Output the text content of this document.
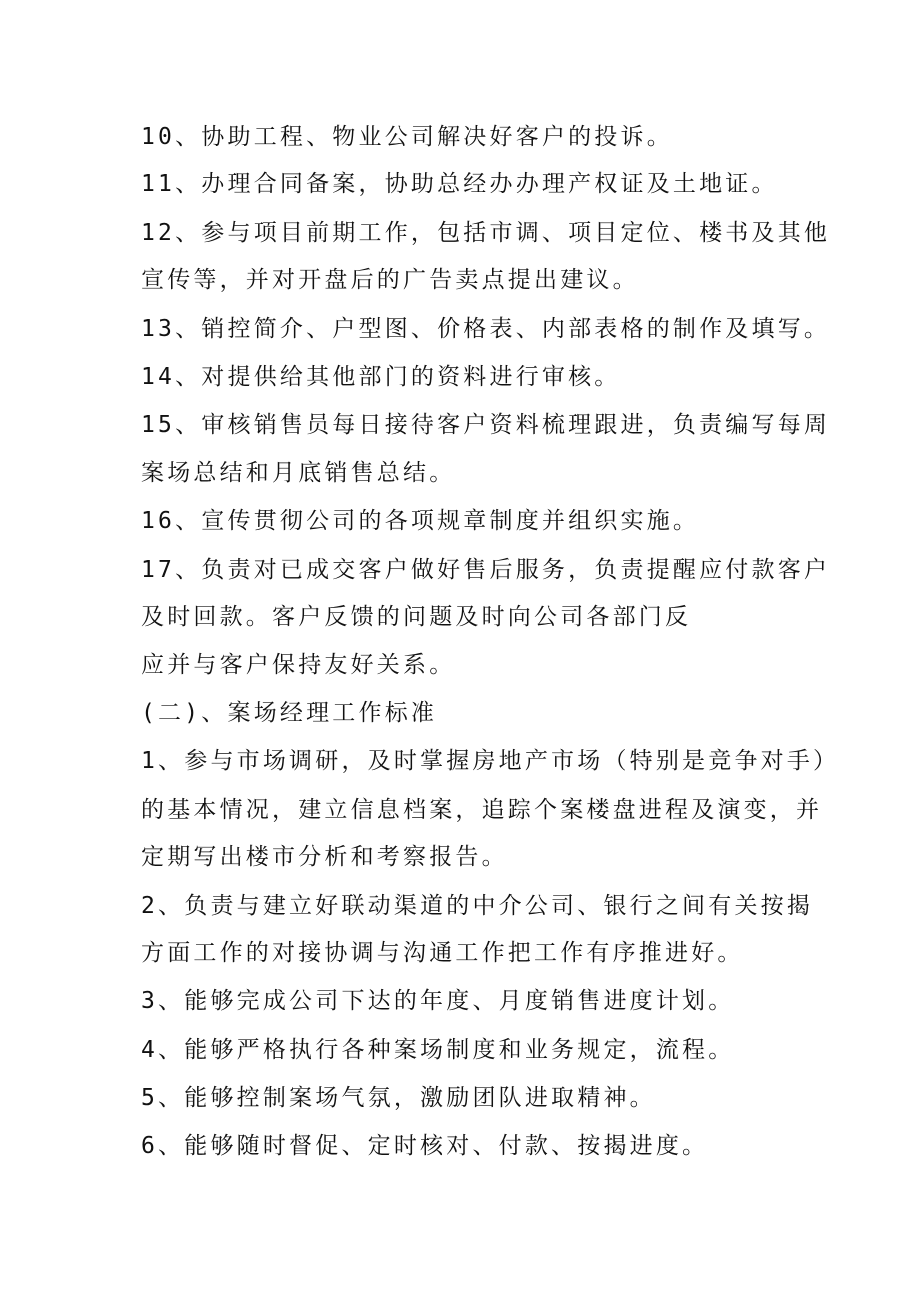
10、协助工程、物业公司解决好客户的投诉。
11、办理合同备案，协助总经办办理产权证及土地证。
12、参与项目前期工作，包括市调、项目定位、楼书及其他
宣传等，并对开盘后的广告卖点提出建议。
13、销控简介、户型图、价格表、内部表格的制作及填写。
14、对提供给其他部门的资料进行审核。
15、审核销售员每日接待客户资料梳理跟进，负责编写每周
案场总结和月底销售总结。
16、宣传贯彻公司的各项规章制度并组织实施。
17、负责对已成交客户做好售后服务，负责提醒应付款客户
及时回款。客户反馈的问题及时向公司各部门反
应并与客户保持友好关系。
(二)、案场经理工作标准
1、参与市场调研，及时掌握房地产市场（特别是竞争对手）
的基本情况，建立信息档案，追踪个案楼盘进程及演变，并
定期写出楼市分析和考察报告。
2、负责与建立好联动渠道的中介公司、银行之间有关按揭
方面工作的对接协调与沟通工作把工作有序推进好。
3、能够完成公司下达的年度、月度销售进度计划。
4、能够严格执行各种案场制度和业务规定，流程。
5、能够控制案场气氛，激励团队进取精神。
6、能够随时督促、定时核对、付款、按揭进度。
